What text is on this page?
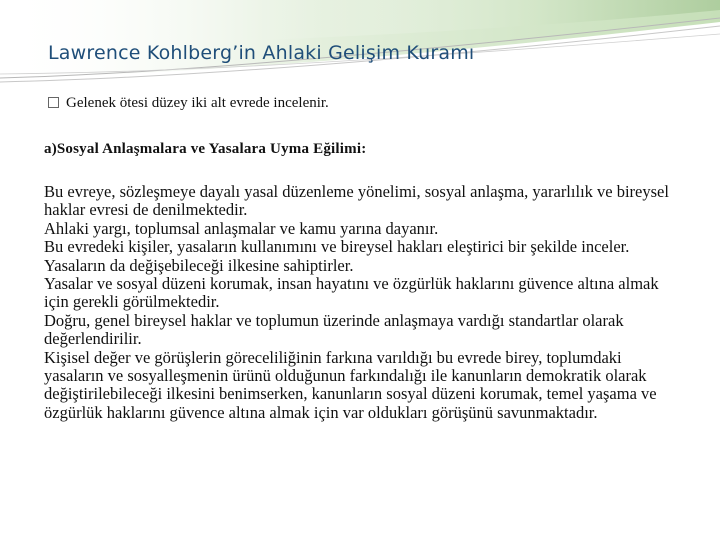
Lawrence Kohlberg’in Ahlaki Gelişim Kuramı
Gelenek ötesi düzey iki alt evrede incelenir.
a)Sosyal Anlaşmalara ve Yasalara Uyma Eğilimi:

Bu evreye, sözleşmeye dayalı yasal düzenleme yönelimi, sosyal anlaşma, yararlılık ve bireysel haklar evresi de denilmektedir.

Ahlaki yargı, toplumsal anlaşmalar ve kamu yarına dayanır.

Bu evredeki kişiler, yasaların kullanımını ve bireysel hakları eleştirici bir şekilde inceler. Yasaların da değişebileceği ilkesine sahiptirler.

Yasalar ve sosyal düzeni korumak, insan hayatını ve özgürlük haklarını güvence altına almak için gerekli görülmektedir.

Doğru, genel bireysel haklar ve toplumun üzerinde anlaşmaya vardığı standartlar olarak değerlendirilir.

Kişisel değer ve görüşlerin göreceliliğinin farkına varıldığı bu evrede birey, toplumdaki yasaların ve sosyalleşmenin ürünü olduğunun farkındalığı ile kanunların demokratik olarak değiştirilebileceği ilkesini benimserken, kanunların sosyal düzeni korumak, temel yaşama ve özgürlük haklarını güvence altına almak için var oldukları görüşünü savunmaktadır.
